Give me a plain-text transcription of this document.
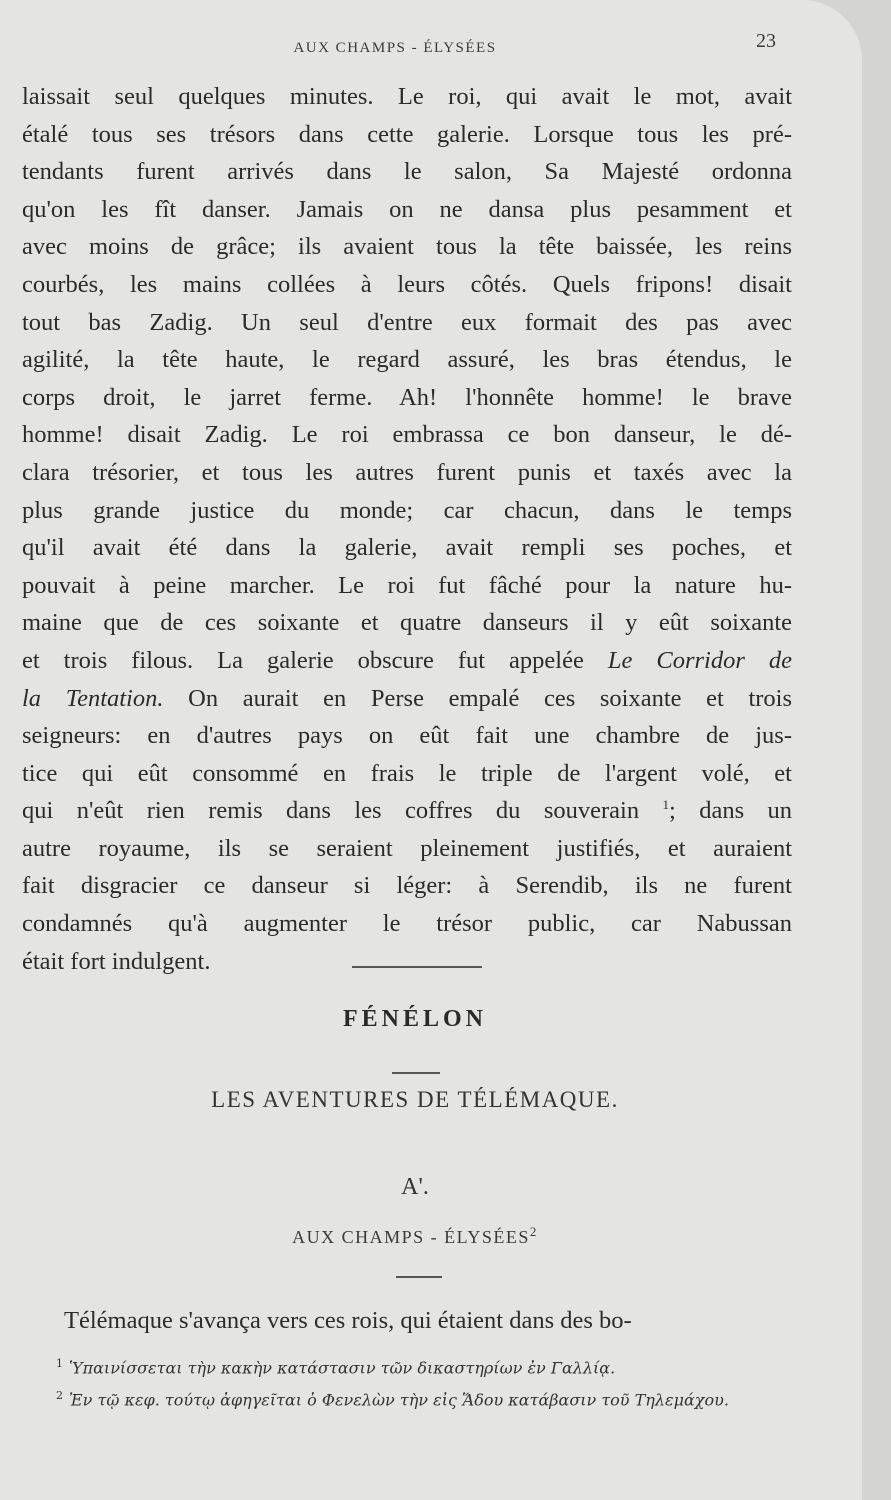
AUX CHAMPS - ÉLYSÉES	23
laissait seul quelques minutes. Le roi, qui avait le mot, avait
étalé tous ses trésors dans cette galerie. Lorsque tous les pré-
tendants furent arrivés dans le salon, Sa Majesté ordonna
qu'on les fît danser. Jamais on ne dansa plus pesamment et
avec moins de grâce; ils avaient tous la tête baissée, les reins
courbés, les mains collées à leurs côtés. Quels fripons! disait
tout bas Zadig. Un seul d'entre eux formait des pas avec
agilité, la tête haute, le regard assuré, les bras étendus, le
corps droit, le jarret ferme. Ah! l'honnête homme! le brave
homme! disait Zadig. Le roi embrassa ce bon danseur, le dé-
clara trésorier, et tous les autres furent punis et taxés avec la
plus grande justice du monde; car chacun, dans le temps
qu'il avait été dans la galerie, avait rempli ses poches, et
pouvait à peine marcher. Le roi fut fâché pour la nature hu-
maine que de ces soixante et quatre danseurs il y eût soixante
et trois filous. La galerie obscure fut appelée Le Corridor de
la Tentation. On aurait en Perse empalé ces soixante et trois
seigneurs: en d'autres pays on eût fait une chambre de jus-
tice qui eût consommé en frais le triple de l'argent volé, et
qui n'eût rien remis dans les coffres du souverain $^1$; dans un
autre royaume, ils se seraient pleinement justifiés, et auraient
fait disgracier ce danseur si léger: à Serendib, ils ne furent
condamnés qu'à augmenter le trésor public, car Nabussan
était fort indulgent.
FÉNÉLON
LES AVENTURES DE TÉLÉMAQUE.
Α'.
AUX CHAMPS - ÉLYSÉES$^2$
Télémaque s'avança vers ces rois, qui étaient dans des bo-
$^1$ Ὑπαινίσσεται τὴν κακὴν κατάστασιν τῶν δικαστηρίων ἐν Γαλλίᾳ.
$^2$ Ἐν τῷ κεφ. τούτῳ ἀφηγεῖται ὁ Φενελὼν τὴν εἰς Ἅδου κατάβασιν τοῦ Τηλεμάχου.
